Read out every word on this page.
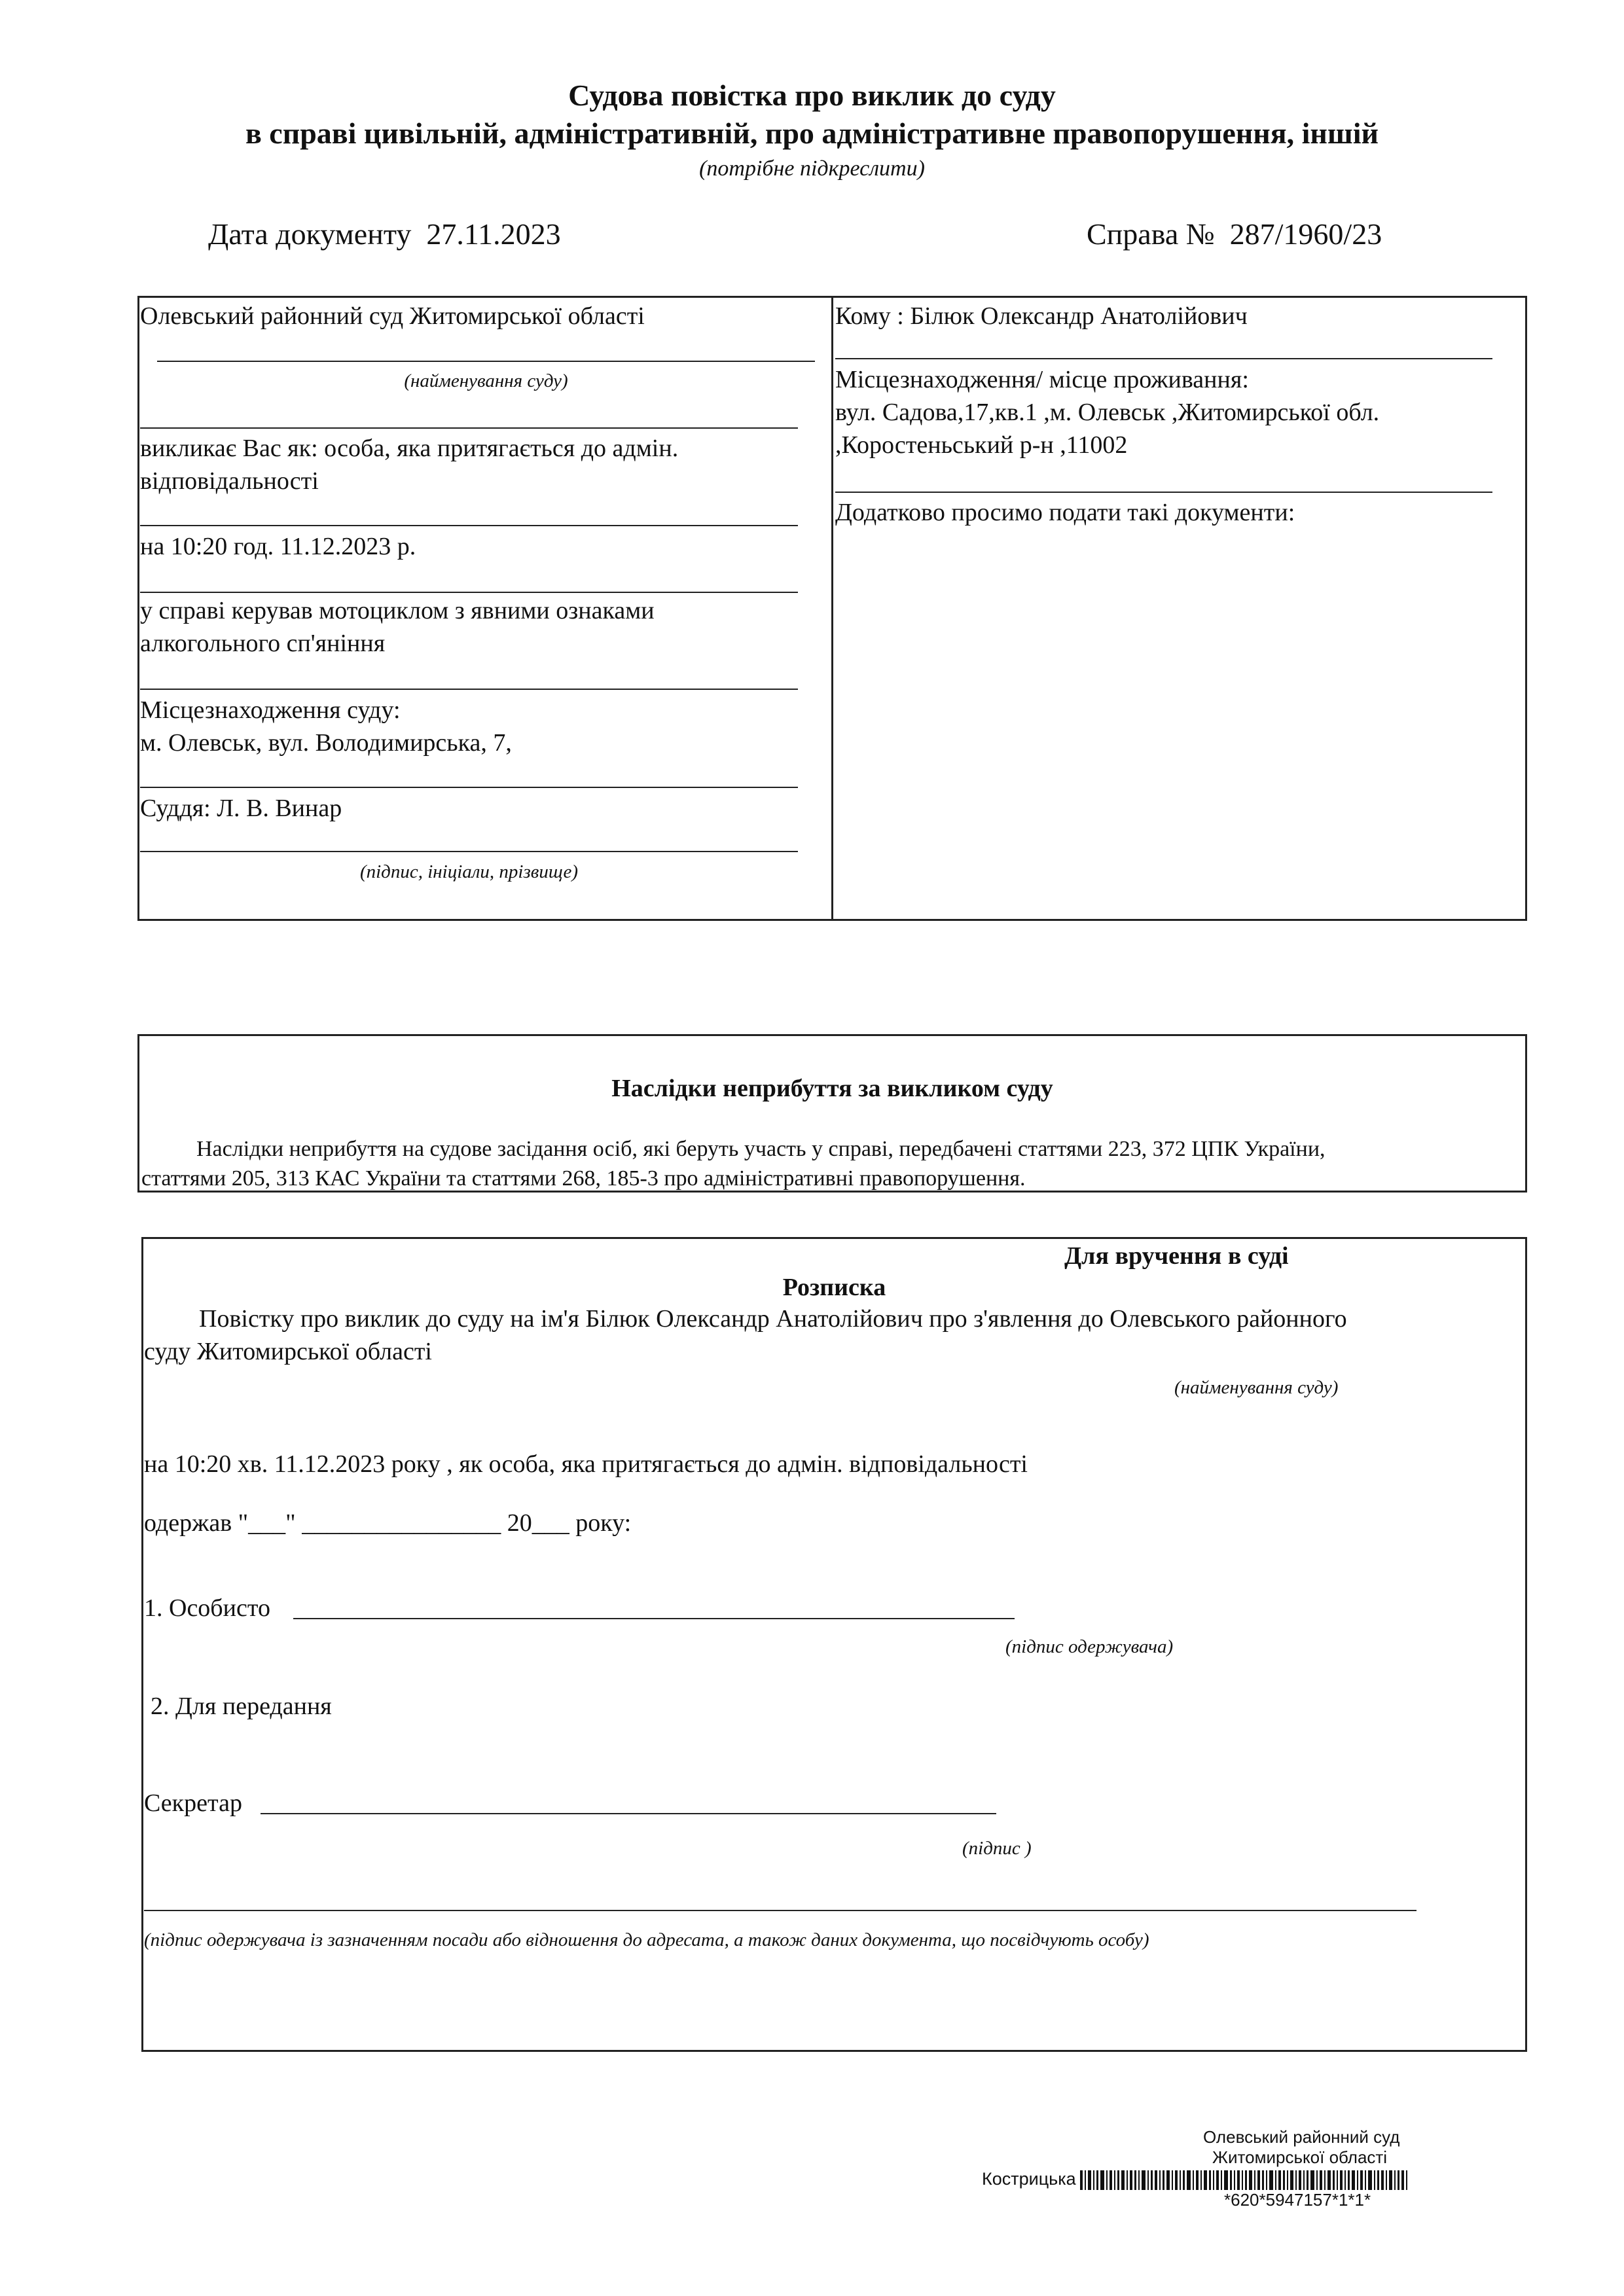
Судова повістка про виклик до суду
в справі цивільній, адміністративній, про адміністративне правопорушення, іншій
(потрібне підкреслити)
Дата документу 27.11.2023	Справа № 287/1960/23
Олевський районний суд Житомирської області
(найменування суду)
викликає Вас як: особа, яка притягається до адмін.
відповідальності
на 10:20 год. 11.12.2023 р.
у справі керував мотоциклом з явними ознаками
алкогольного сп'яніння
Місцезнаходження суду:
м. Олевськ, вул. Володимирська, 7,
Суддя: Л. В. Винар
(підпис, ініціали, прізвище)
Кому : Білюк Олександр Анатолійович
Місцезнаходження/ місце проживання:
вул. Садова,17,кв.1 ,м. Олевськ ,Житомирської обл.
,Коростеньський р-н ,11002
Додатково просимо подати такі документи:
Наслідки неприбуття за викликом суду
Наслідки неприбуття на судове засідання осіб, які беруть участь у справі, передбачені статтями 223, 372 ЦПК України,
статтями 205, 313 КАС України та статтями 268, 185-3 про адміністративні правопорушення.
Для вручення в суді
Розписка
Повістку про виклик до суду на ім'я Білюк Олександр Анатолійович про з'явлення до Олевського районного
суду Житомирської області
(найменування суду)
на 10:20 хв. 11.12.2023 року , як особа, яка притягається до адмін. відповідальності
одержав "___" ________________ 20___ року:
1. Особисто
(підпис одержувача)
2. Для передання
Секретар
(підпис )
(підпис одержувача із зазначенням посади або відношення до адресата, а також даних документа, що посвідчують особу)
Олевський районний суд
Житомирської області
Кострицька
*620*5947157*1*1*
